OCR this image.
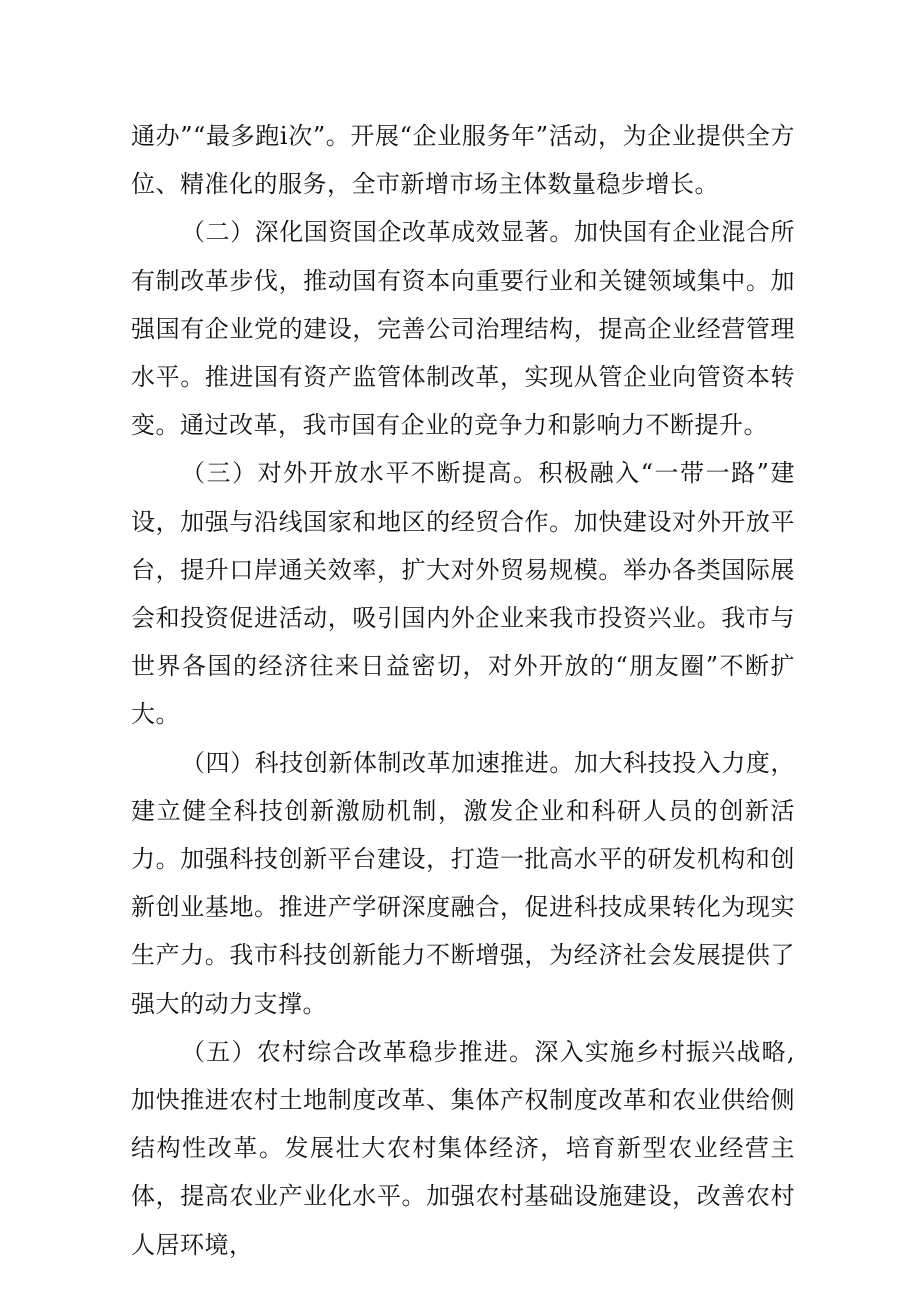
通办”“最多跑i次”。开展“企业服务年”活动，为企业提供全方位、精准化的服务，全市新增市场主体数量稳步增长。

（二）深化国资国企改革成效显著。加快国有企业混合所有制改革步伐，推动国有资本向重要行业和关键领域集中。加强国有企业党的建设，完善公司治理结构，提高企业经营管理水平。推进国有资产监管体制改革，实现从管企业向管资本转变。通过改革，我市国有企业的竞争力和影响力不断提升。

（三）对外开放水平不断提高。积极融入“一带一路”建设，加强与沿线国家和地区的经贸合作。加快建设对外开放平台，提升口岸通关效率，扩大对外贸易规模。举办各类国际展会和投资促进活动，吸引国内外企业来我市投资兴业。我市与世界各国的经济往来日益密切，对外开放的“朋友圈”不断扩大。

（四）科技创新体制改革加速推进。加大科技投入力度，建立健全科技创新激励机制，激发企业和科研人员的创新活力。加强科技创新平台建设，打造一批高水平的研发机构和创新创业基地。推进产学研深度融合，促进科技成果转化为现实生产力。我市科技创新能力不断增强，为经济社会发展提供了强大的动力支撑。

（五）农村综合改革稳步推进。深入实施乡村振兴战略,加快推进农村土地制度改革、集体产权制度改革和农业供给侧结构性改革。发展壮大农村集体经济，培育新型农业经营主体，提高农业产业化水平。加强农村基础设施建设，改善农村人居环境，
